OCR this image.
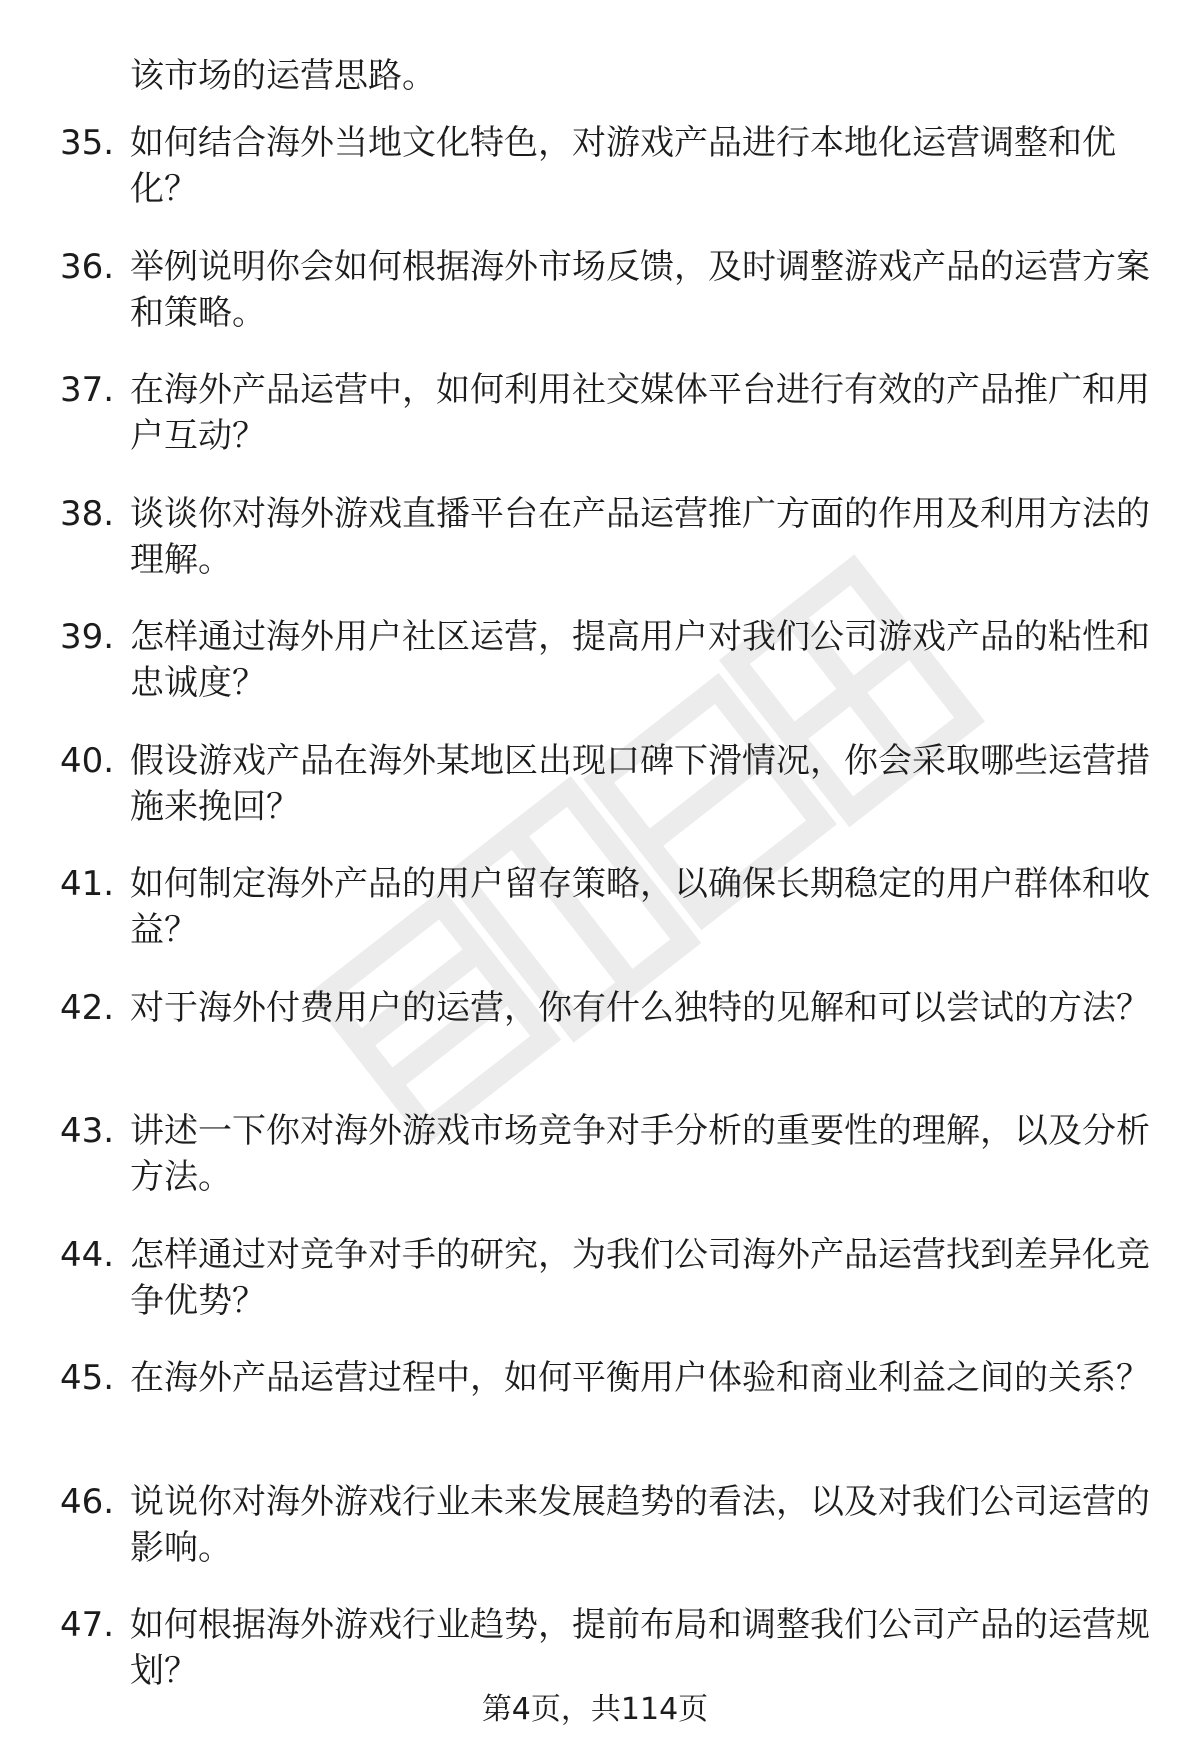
该市场的运营思路。

35. 如何结合海外当地文化特色，对游戏产品进行本地化运营调整和优化？
36. 举例说明你会如何根据海外市场反馈，及时调整游戏产品的运营方案和策略。
37. 在海外产品运营中，如何利用社交媒体平台进行有效的产品推广和用户互动？
38. 谈谈你对海外游戏直播平台在产品运营推广方面的作用及利用方法的理解。
39. 怎样通过海外用户社区运营，提高用户对我们公司游戏产品的粘性和忠诚度？
40. 假设游戏产品在海外某地区出现口碑下滑情况，你会采取哪些运营措施来挽回？
41. 如何制定海外产品的用户留存策略，以确保长期稳定的用户群体和收益？
42. 对于海外付费用户的运营，你有什么独特的见解和可以尝试的方法？
43. 讲述一下你对海外游戏市场竞争对手分析的重要性的理解，以及分析方法。
44. 怎样通过对竞争对手的研究，为我们公司海外产品运营找到差异化竞争优势？
45. 在海外产品运营过程中，如何平衡用户体验和商业利益之间的关系？
46. 说说你对海外游戏行业未来发展趋势的看法，以及对我们公司运营的影响。
47. 如何根据海外游戏行业趋势，提前布局和调整我们公司产品的运营规划？
第4页，共114页
